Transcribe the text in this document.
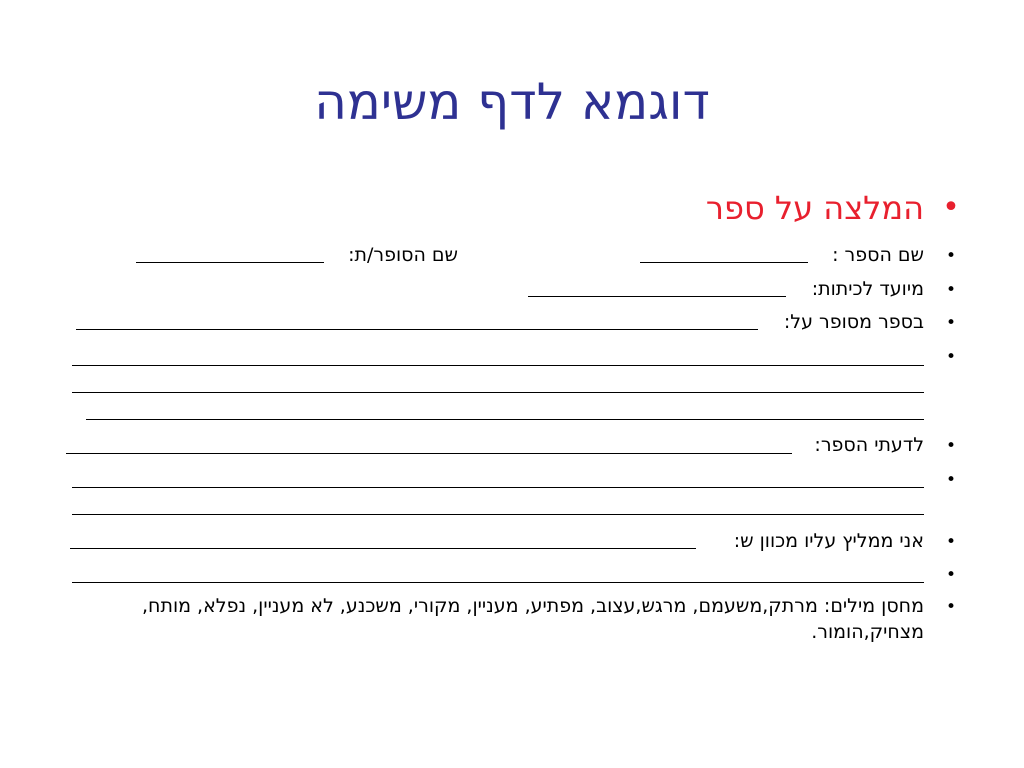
דוגמא לדף משימה
•
המלצה על ספר
•
שם הספר :
שם הסופר/ת:
•
מיועד לכיתות:
•
בספר מסופר על:
•
•
לדעתי הספר:
•
•
אני ממליץ עליו מכוון ש:
•
•
מחסן מילים: מרתק,משעמם, מרגש,עצוב, מפתיע, מעניין, מקורי, משכנע, לא מעניין, נפלא, מותח, מצחיק,הומור.
